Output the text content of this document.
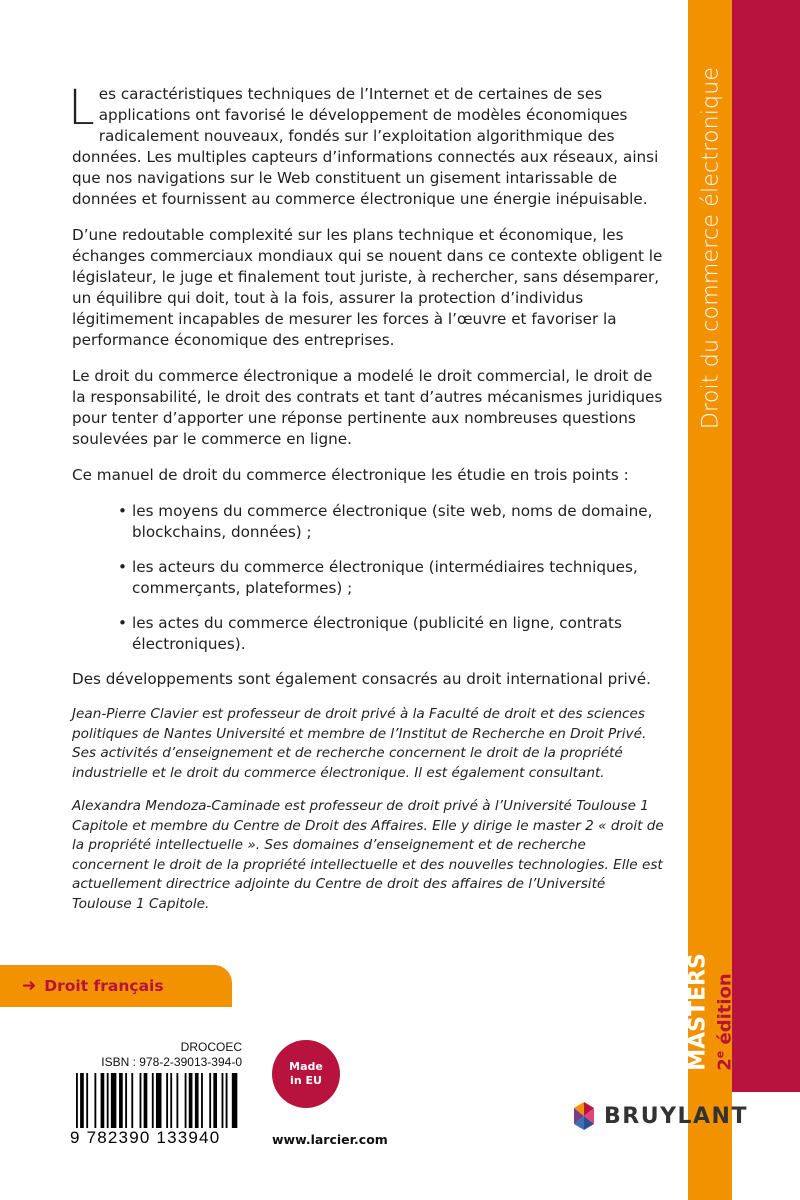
Droit du commerce électronique
MASTERS 2e édition

Les caractéristiques techniques de l’Internet et de certaines de ses applications ont favorisé le développement de modèles économiques radicalement nouveaux, fondés sur l’exploitation algorithmique des données. Les multiples capteurs d’informations connectés aux réseaux, ainsi que nos navigations sur le Web constituent un gisement intarissable de données et fournissent au commerce électronique une énergie inépuisable.

D’une redoutable complexité sur les plans technique et économique, les échanges commerciaux mondiaux qui se nouent dans ce contexte obligent le législateur, le juge et finalement tout juriste, à rechercher, sans désemparer, un équilibre qui doit, tout à la fois, assurer la protection d’individus légitimement incapables de mesurer les forces à l’œuvre et favoriser la performance économique des entreprises.

Le droit du commerce électronique a modelé le droit commercial, le droit de la responsabilité, le droit des contrats et tant d’autres mécanismes juridiques pour tenter d’apporter une réponse pertinente aux nombreuses questions soulevées par le commerce en ligne.

Ce manuel de droit du commerce électronique les étudie en trois points :

• les moyens du commerce électronique (site web, noms de domaine, blockchains, données) ;
• les acteurs du commerce électronique (intermédiaires techniques, commerçants, plateformes) ;
• les actes du commerce électronique (publicité en ligne, contrats électroniques).

Des développements sont également consacrés au droit international privé.

Jean-Pierre Clavier est professeur de droit privé à la Faculté de droit et des sciences politiques de Nantes Université et membre de l’Institut de Recherche en Droit Privé. Ses activités d’enseignement et de recherche concernent le droit de la propriété industrielle et le droit du commerce électronique. Il est également consultant.

Alexandra Mendoza-Caminade est professeur de droit privé à l’Université Toulouse 1 Capitole et membre du Centre de Droit des Affaires. Elle y dirige le master 2 « droit de la propriété intellectuelle ». Ses domaines d’enseignement et de recherche concernent le droit de la propriété intellectuelle et des nouvelles technologies. Elle est actuellement directrice adjointe du Centre de droit des affaires de l’Université Toulouse 1 Capitole.

➜ Droit français
DROCOEC
ISBN : 978-2-39013-394-0
9 782390 133940
Made
in EU
www.larcier.com
BRUYLANT
